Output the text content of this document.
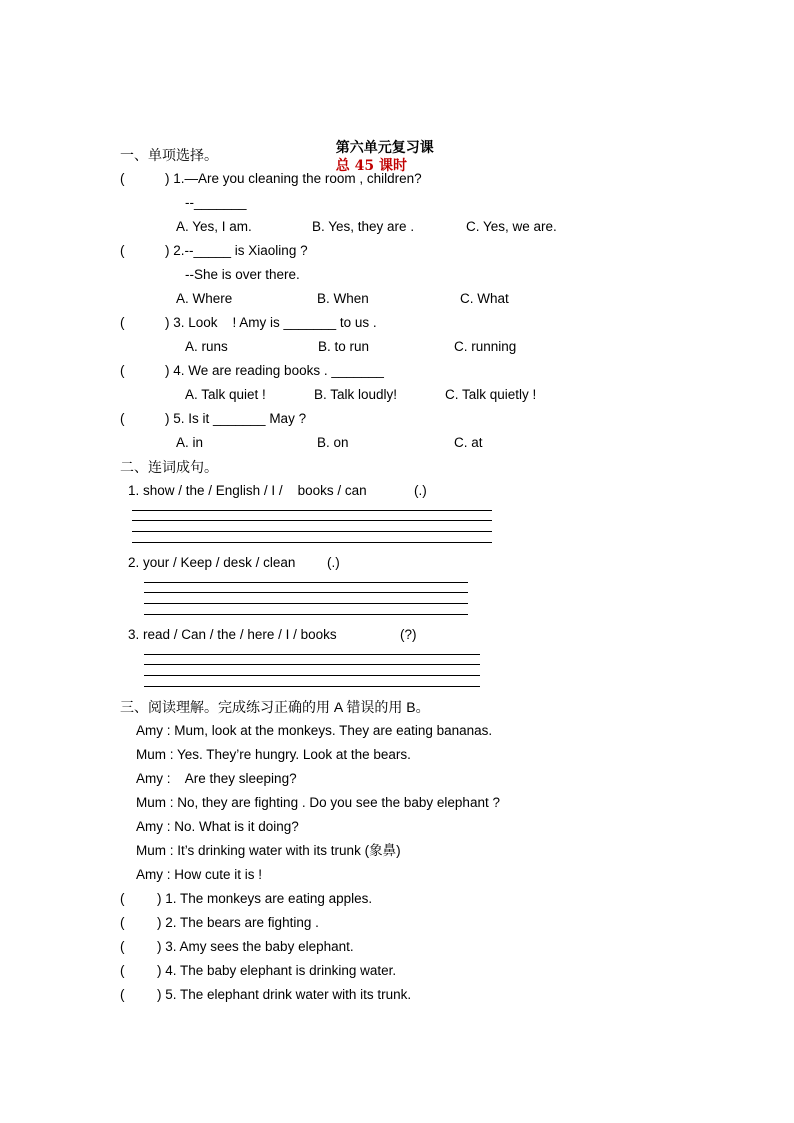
第六单元复习课
总 45 课时

一、单项选择。
(	) 1.—Are you cleaning the room , children?
--_______
A. Yes, I am.	B. Yes, they are .	C. Yes, we are.
(	) 2.--_____ is Xiaoling ?
--She is over there.
A. Where	B. When	C. What
(	) 3. Look    ! Amy is _______ to us .
A. runs	B. to run	C. running
(	) 4. We are reading books . _______
A. Talk quiet !	B. Talk loudly!	C. Talk quietly !
(	) 5. Is it _______ May ?
A. in	B. on	C. at
二、连词成句。
1. show / the / English / I /    books / can	(.)
2. your / Keep / desk / clean (.)
3. read / Can / the / here / I / books	(?)
三、阅读理解。完成练习正确的用 A 错误的用 B。
Amy : Mum, look at the monkeys. They are eating bananas.
Mum : Yes. They’re hungry. Look at the bears.
Amy :    Are they sleeping?
Mum : No, they are fighting . Do you see the baby elephant ?
Amy : No. What is it doing?
Mum : It’s drinking water with its trunk (象鼻)
Amy : How cute it is !
( ) 1. The monkeys are eating apples.
( ) 2. The bears are fighting .
( ) 3. Amy sees the baby elephant.
( ) 4. The baby elephant is drinking water.
( ) 5. The elephant drink water with its trunk.
